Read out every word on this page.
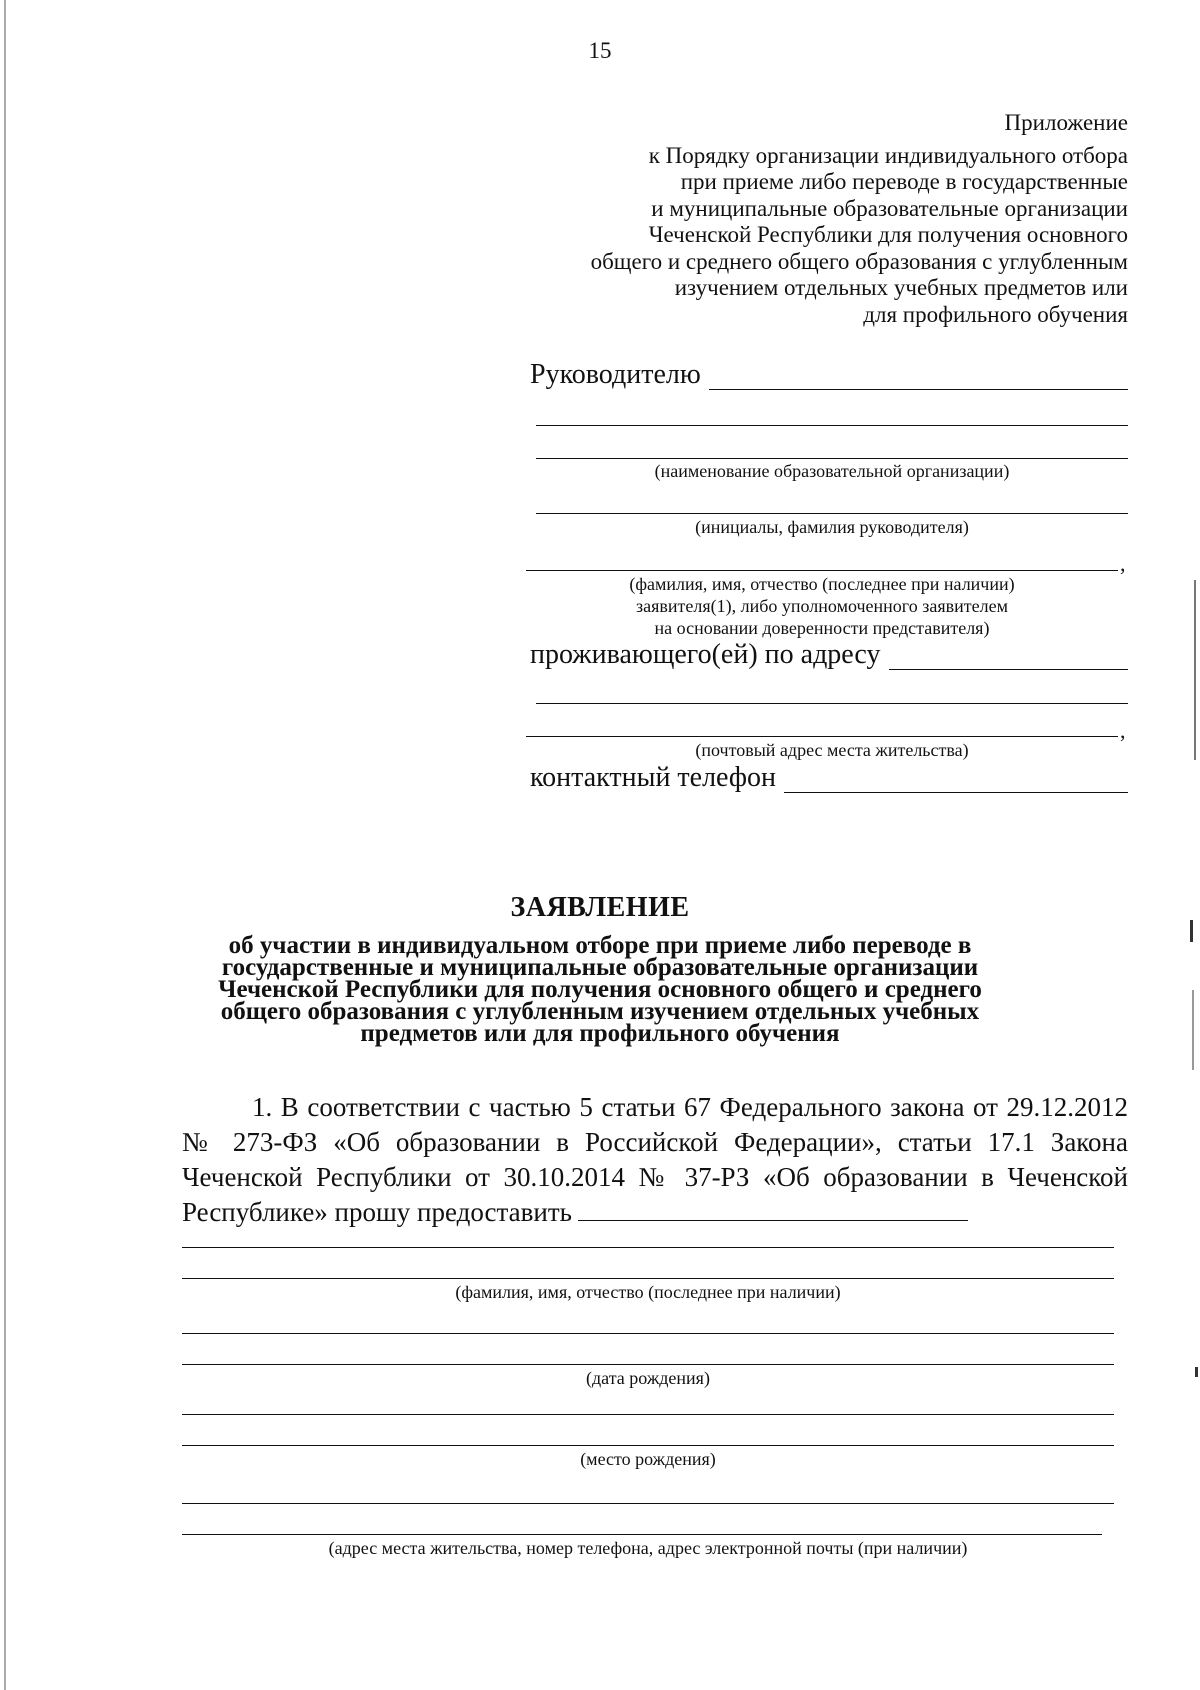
15
Приложение
к Порядку организации индивидуального отбора
при приеме либо переводе в государственные
и муниципальные образовательные организации
Чеченской Республики для получения основного
общего и среднего общего образования с углубленным
изучением отдельных учебных предметов или
для профильного обучения
Руководителю
(наименование образовательной организации)
(инициалы, фамилия руководителя)
,
(фамилия, имя, отчество (последнее при наличии)
заявителя(1), либо уполномоченного заявителем
на основании доверенности представителя)
проживающего(ей) по адресу
,
(почтовый адрес места жительства)
контактный телефон
ЗАЯВЛЕНИЕ
об участии в индивидуальном отборе при приеме либо переводе в
государственные и муниципальные образовательные организации
Чеченской Республики для получения основного общего и среднего
общего образования с углубленным изучением отдельных учебных
предметов или для профильного обучения
1. В соответствии с частью 5 статьи 67 Федерального закона от 29.12.2012 № 273-ФЗ «Об образовании в Российской Федерации», статьи 17.1 Закона Чеченской Республики от 30.10.2014 № 37-РЗ «Об образовании в Чеченской Республике» прошу предоставить
(фамилия, имя, отчество (последнее при наличии)
(дата рождения)
(место рождения)
(адрес места жительства, номер телефона, адрес электронной почты (при наличии)
